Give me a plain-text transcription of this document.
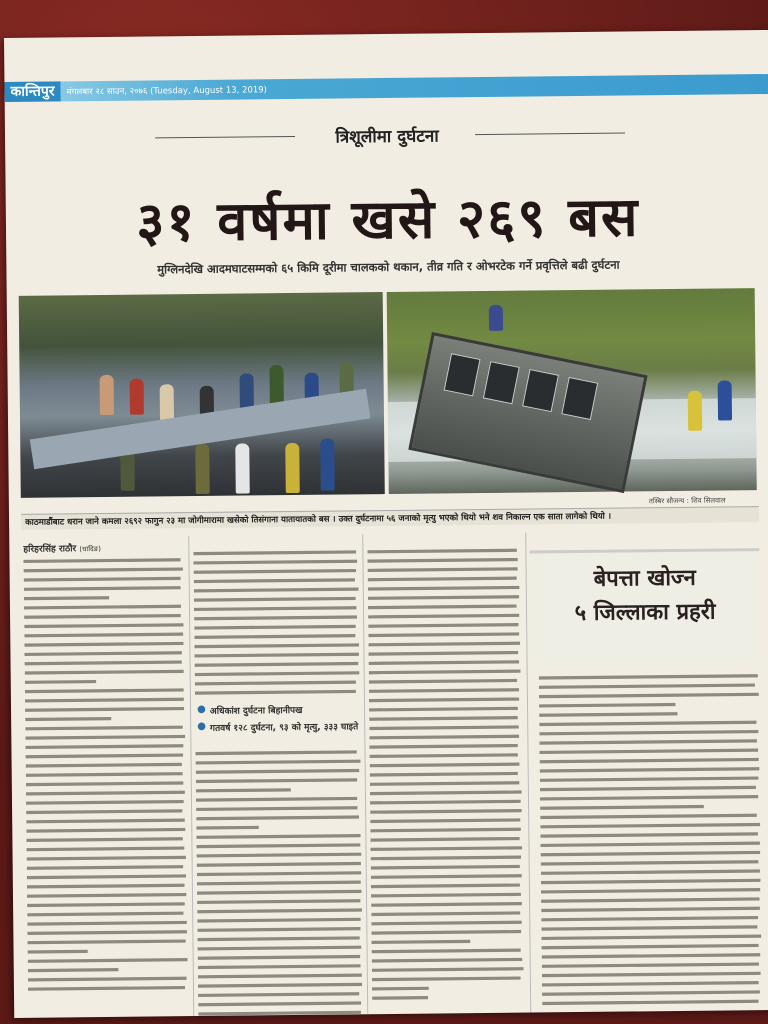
कान्तिपुर	मंगलबार २८ साउन, २०७६ (Tuesday, August 13, 2019)
त्रिशूलीमा दुर्घटना
३१ वर्षमा खसे २६९ बस
मुग्लिनदेखि आदमघाटसम्मको ६५ किमि दूरीमा चालकको थकान, तीव्र गति र ओभरटेक गर्ने प्रवृत्तिले बढी दुर्घटना
तस्बिर सौजन्य : शिव सिलवाल
काठमाडौंबाट धरान जाने कमला २६९२ फागुन २३ मा जोगीमारामा खसेको तिसंगाना यातायातको बस । उक्त दुर्घटनामा ५६ जनाको मृत्यु भएको थियो भने शव निकाल्न एक साता लागेको थियो ।
हरिहरसिंह राठौर (धादिङ)
● अधिकांश दुर्घटना बिहानीपख
● गतवर्ष १२८ दुर्घटना, ९३ को मृत्यु, ३३३ घाइते
बेपत्ता खोज्न
५ जिल्लाका प्रहरी
